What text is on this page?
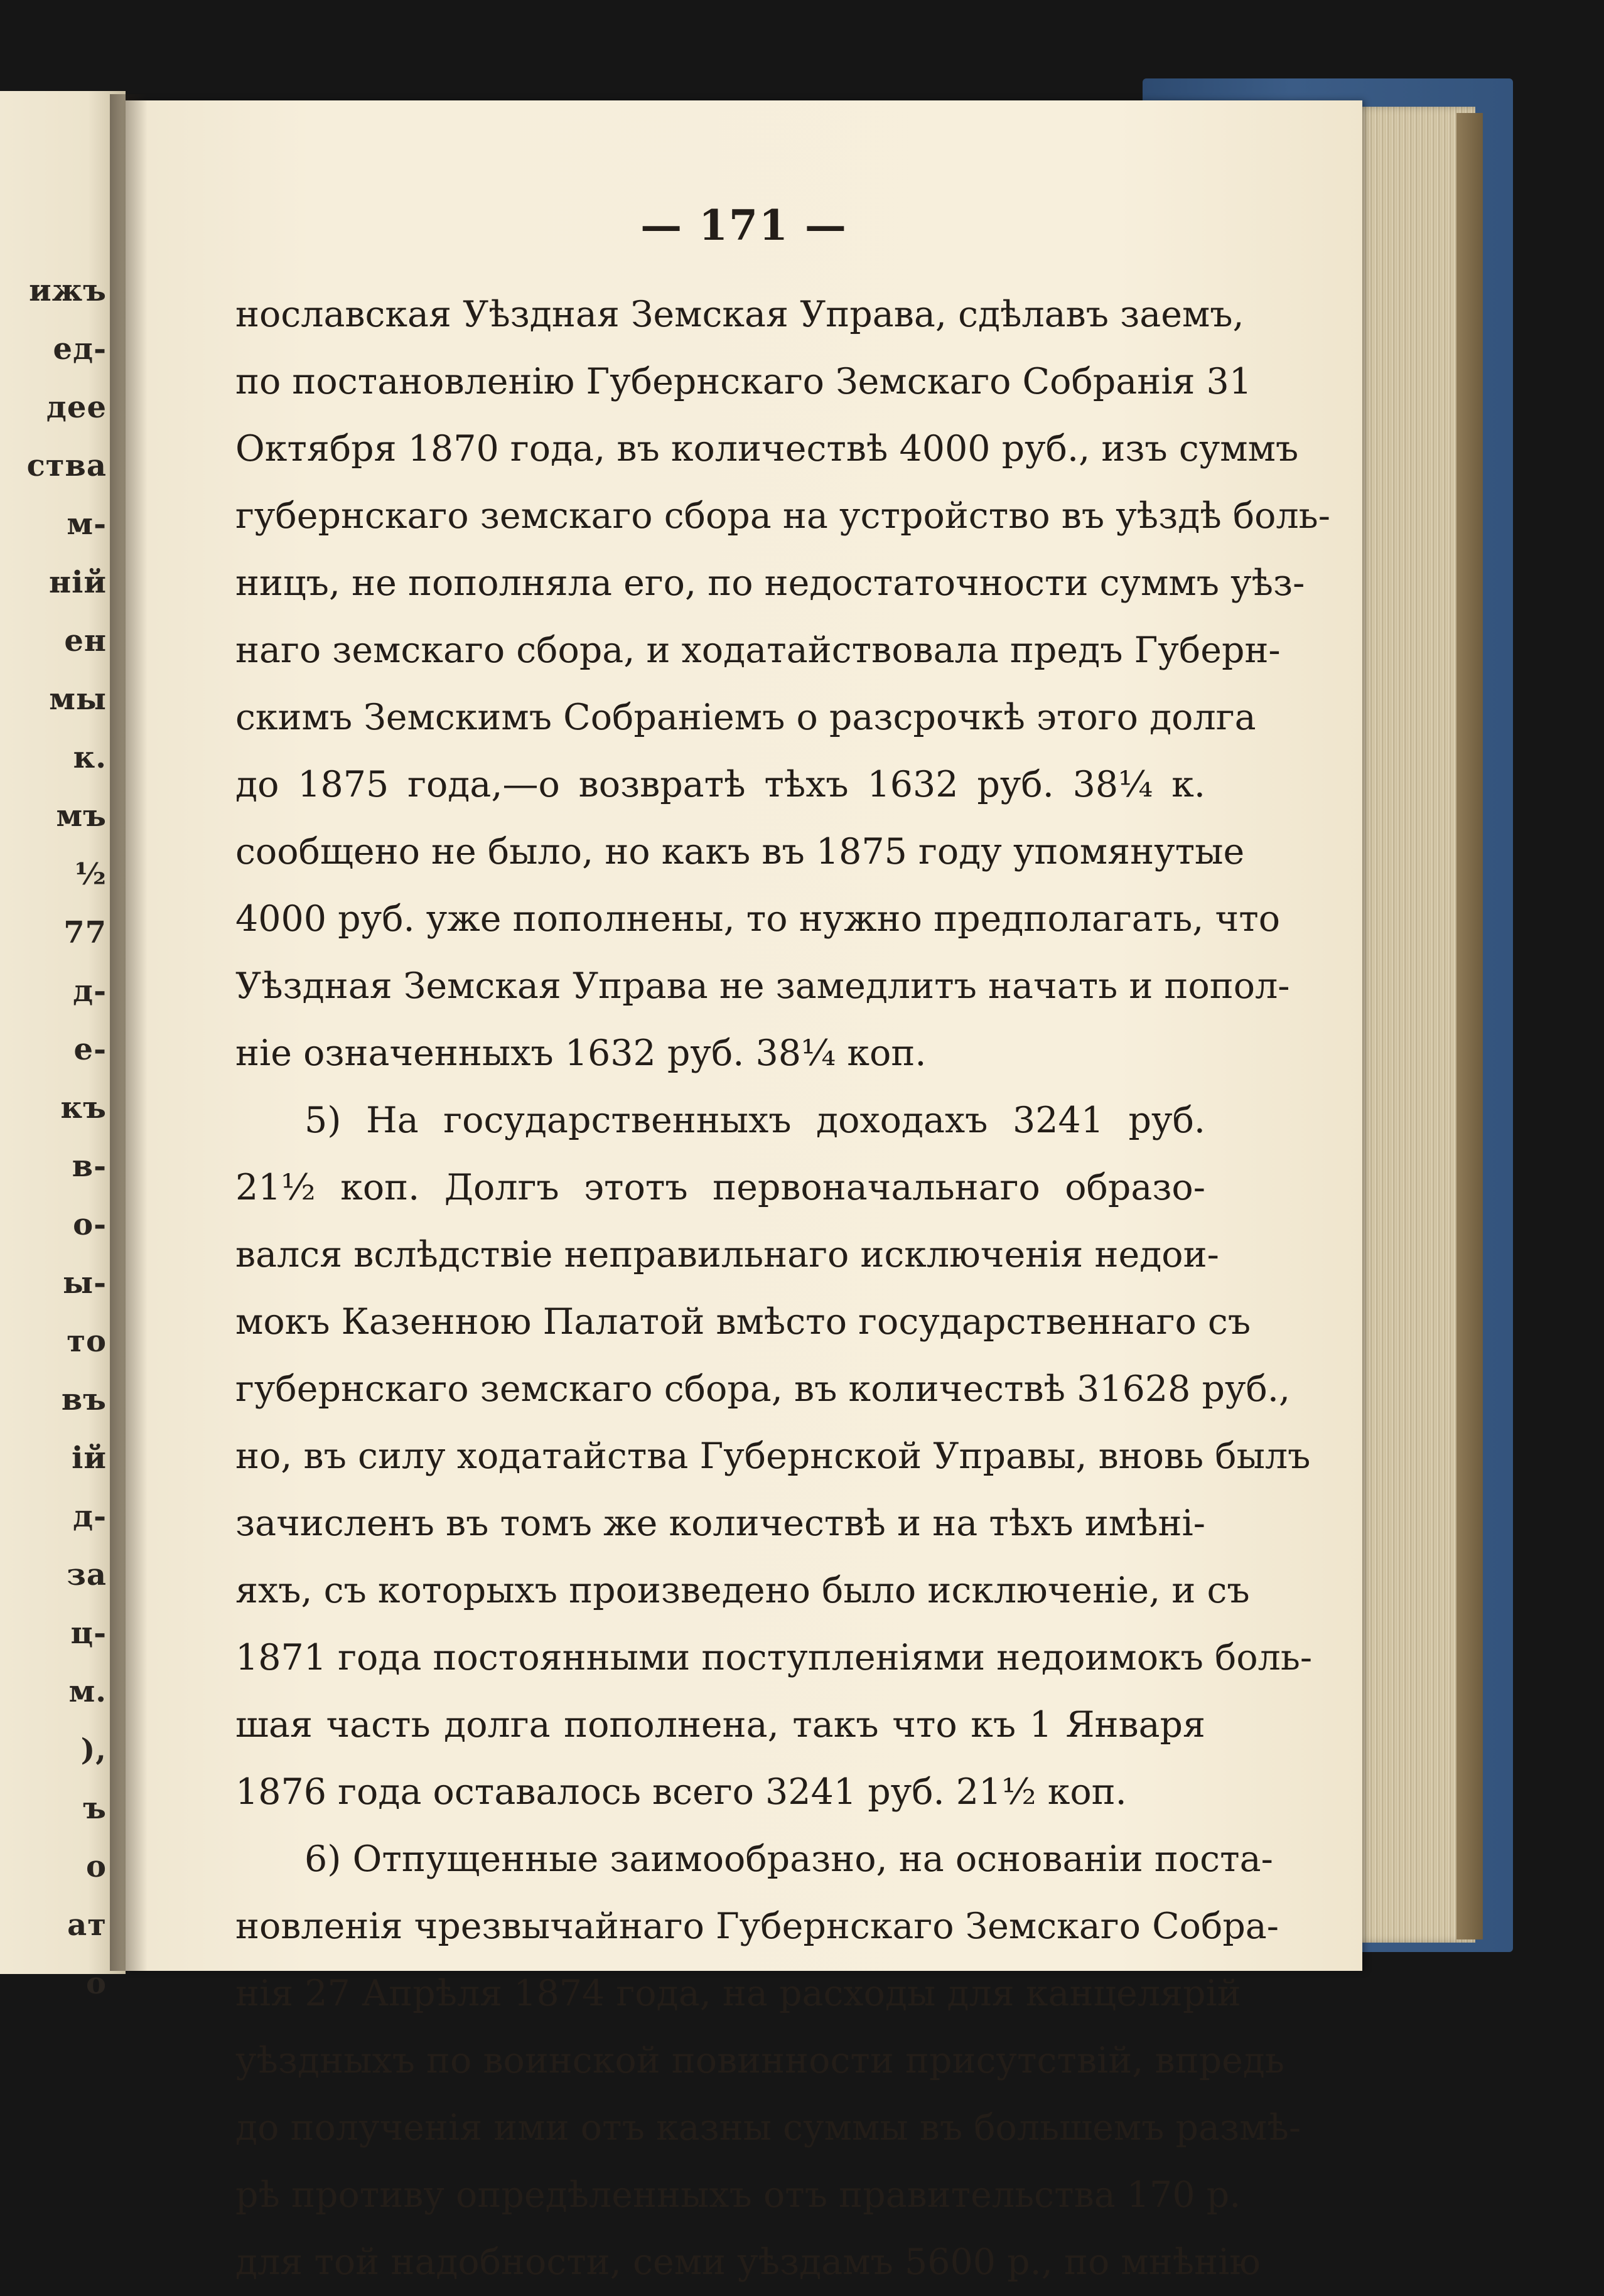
ижъ
ед-
дее
ства
м-
ній
ен
мы
к.
мъ
½
77
д-
е-
къ
в-
о-
ы-
то
въ
ій
д-
за
ц-
м.
),
ъ
о
ат
о
— 171 —
нославская Уѣздная Земская Управа, сдѣлавъ заемъ,
по постановленію Губернскаго Земскаго Собранія 31
Октября 1870 года, въ количествѣ 4000 руб., изъ суммъ
губернскаго земскаго сбора на устройство въ уѣздѣ боль-
ницъ, не пополняла его, по недостаточности суммъ уѣз-
наго земскаго сбора, и ходатайствовала предъ Губерн-
скимъ Земскимъ Собраніемъ о разсрочкѣ этого долга
до 1875 года,—о возвратѣ тѣхъ 1632 руб. 38¼ к.
сообщено не было, но какъ въ 1875 году упомянутые
4000 руб. уже пополнены, то нужно предполагать, что
Уѣздная Земская Управа не замедлитъ начать и попол-
ніе означенныхъ 1632 руб. 38¼ коп.
5) На государственныхъ доходахъ 3241 руб.
21½ коп. Долгъ этотъ первоначальнаго образо-
вался вслѣдствіе неправильнаго исключенія недои-
мокъ Казенною Палатой вмѣсто государственнаго съ
губернскаго земскаго сбора, въ количествѣ 31628 руб.,
но, въ силу ходатайства Губернской Управы, вновь былъ
зачисленъ въ томъ же количествѣ и на тѣхъ имѣні-
яхъ, съ которыхъ произведено было исключеніе, и съ
1871 года постоянными поступленіями недоимокъ боль-
шая часть долга пополнена, такъ что къ 1 Января
1876 года оставалось всего 3241 руб. 21½ коп.
6) Отпущенные заимообразно, на основаніи поста-
новленія чрезвычайнаго Губернскаго Земскаго Собра-
нія 27 Апрѣля 1874 года, на расходы для канцелярій
уѣздныхъ по воинской повинности присутствій, впредь
до полученія ими отъ казны суммы въ большемъ размѣ-
рѣ противу опредѣленныхъ отъ правительства 170 р.
для той надобности, семи уѣздамъ 5600 р., по мнѣнію
